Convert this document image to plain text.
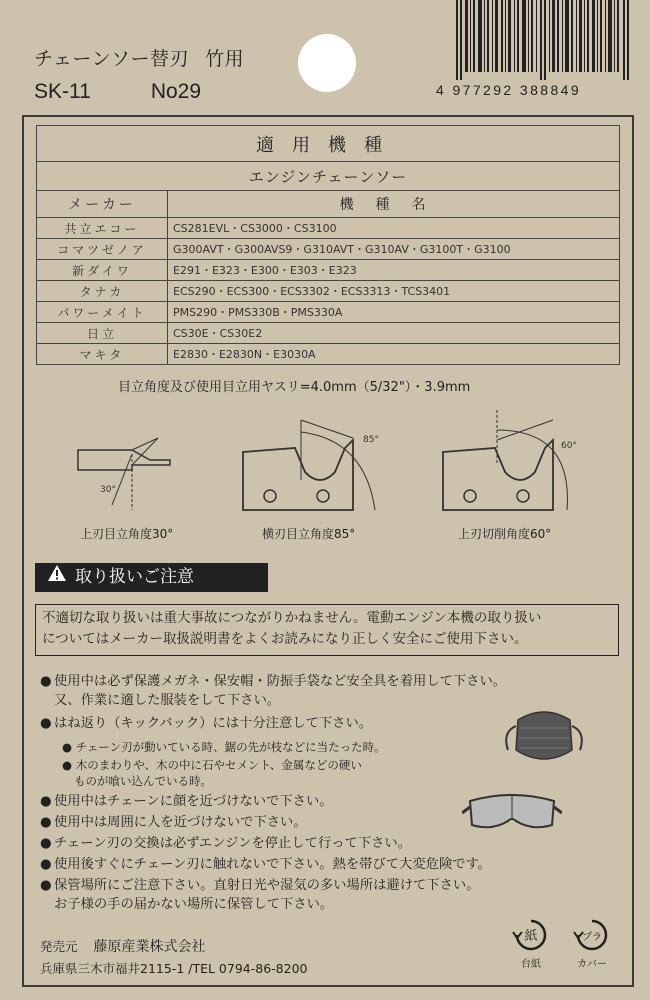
チェーンソー替刃 竹用
SK-11	No29	4 977292 388849
適用機種	
エンジンチェーンソー	
メーカー	機種名
共立エコー	CS281EVL・CS3000・CS3100
コマツゼノア	G300AVT・G300AVS9・G310AVT・G310AV・G3100T・G3100
新ダイワ	E291・E323・E300・E303・E323
タナカ	ECS290・ECS300・ECS3302・ECS3313・TCS3401
パワーメイト	PMS290・PMS330B・PMS330A
日立	CS30E・CS30E2
マキタ	E2830・E2830N・E3030A
目立角度及び使用目立用ヤスリ=4.0mm（5/32"）・3.9mm
30°
上刃目立角度30°
85°
横刃目立角度85°
60°
上刃切削角度60°
取り扱いご注意
不適切な取り扱いは重大事故につながりかねません。電動エンジン本機の取り扱い
についてはメーカー取扱説明書をよくお読みになり正しく安全にご使用下さい。
● 使用中は必ず保護メガネ・保安帽・防振手袋など安全具を着用して下さい。
又、作業に適した服装をして下さい。
● はね返り（キックバック）には十分注意して下さい。
● チェーン刃が動いている時、鋸の先が枝などに当たった時。
● 木のまわりや、木の中に石やセメント、金属などの硬い
ものが喰い込んでいる時。
● 使用中はチェーンに顔を近づけないで下さい。
● 使用中は周囲に人を近づけないで下さい。
● チェーン刃の交換は必ずエンジンを停止して行って下さい。
● 使用後すぐにチェーン刃に触れないで下さい。熱を帯びて大変危険です。
● 保管場所にご注意下さい。直射日光や湿気の多い場所は避けて下さい。
お子様の手の届かない場所に保管して下さい。
発売元 藤原産業株式会社
兵庫県三木市福井2115-1 /TEL 0794-86-8200
紙
台紙
プラ
カバー
